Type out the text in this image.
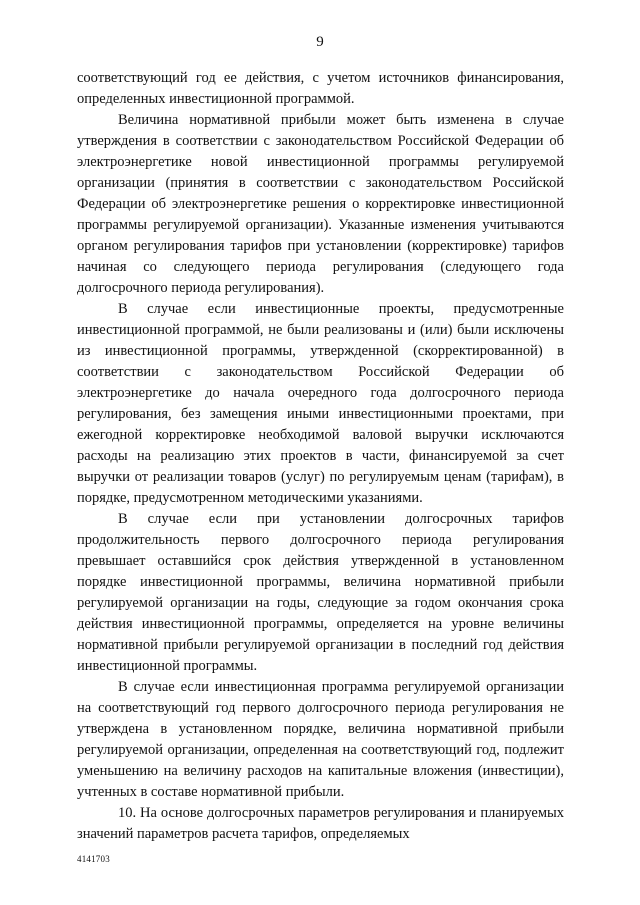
9

соответствующий год ее действия, с учетом источников финансирования, определенных инвестиционной программой.

Величина нормативной прибыли может быть изменена в случае утверждения в соответствии с законодательством Российской Федерации об электроэнергетике новой инвестиционной программы регулируемой организации (принятия в соответствии с законодательством Российской Федерации об электроэнергетике решения о корректировке инвестиционной программы регулируемой организации). Указанные изменения учитываются органом регулирования тарифов при установлении (корректировке) тарифов начиная со следующего периода регулирования (следующего года долгосрочного периода регулирования).

В случае если инвестиционные проекты, предусмотренные инвестиционной программой, не были реализованы и (или) были исключены из инвестиционной программы, утвержденной (скорректированной) в соответствии с законодательством Российской Федерации об электроэнергетике до начала очередного года долгосрочного периода регулирования, без замещения иными инвестиционными проектами, при ежегодной корректировке необходимой валовой выручки исключаются расходы на реализацию этих проектов в части, финансируемой за счет выручки от реализации товаров (услуг) по регулируемым ценам (тарифам), в порядке, предусмотренном методическими указаниями.

В случае если при установлении долгосрочных тарифов продолжительность первого долгосрочного периода регулирования превышает оставшийся срок действия утвержденной в установленном порядке инвестиционной программы, величина нормативной прибыли регулируемой организации на годы, следующие за годом окончания срока действия инвестиционной программы, определяется на уровне величины нормативной прибыли регулируемой организации в последний год действия инвестиционной программы.

В случае если инвестиционная программа регулируемой организации на соответствующий год первого долгосрочного периода регулирования не утверждена в установленном порядке, величина нормативной прибыли регулируемой организации, определенная на соответствующий год, подлежит уменьшению на величину расходов на капитальные вложения (инвестиции), учтенных в составе нормативной прибыли.

10. На основе долгосрочных параметров регулирования и планируемых значений параметров расчета тарифов, определяемых

4141703
